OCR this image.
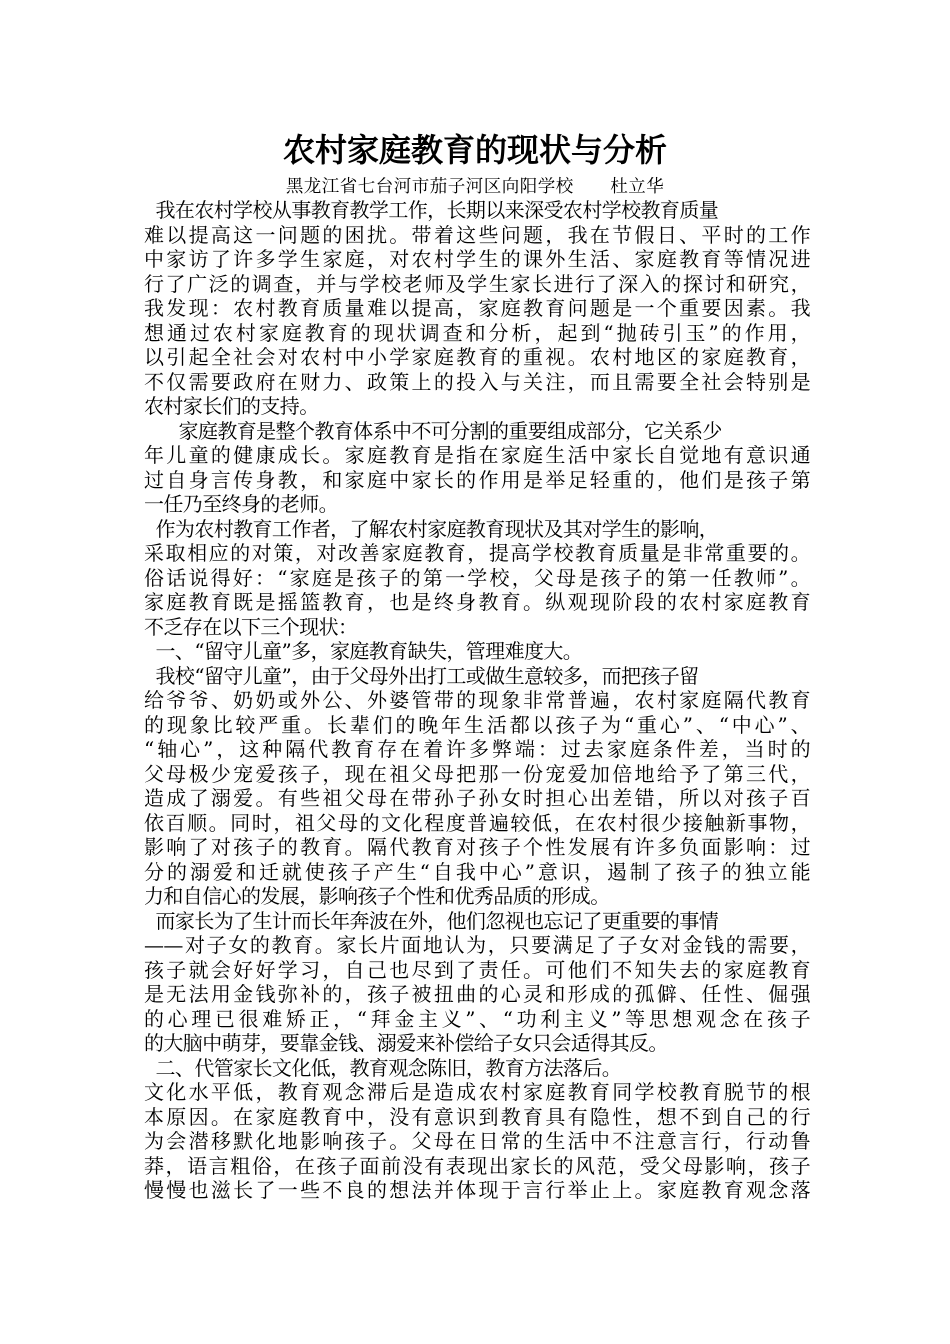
农村家庭教育的现状与分析
黑龙江省七台河市茄子河区向阳学校      杜立华
我在农村学校从事教育教学工作，长期以来深受农村学校教育质量
难以提高这一问题的困扰。带着这些问题，我在节假日、平时的工作
中家访了许多学生家庭，对农村学生的课外生活、家庭教育等情况进
行了广泛的调查，并与学校老师及学生家长进行了深入的探讨和研究，
我发现：农村教育质量难以提高，家庭教育问题是一个重要因素。我
想通过农村家庭教育的现状调查和分析，起到“抛砖引玉”的作用，
以引起全社会对农村中小学家庭教育的重视。农村地区的家庭教育，
不仅需要政府在财力、政策上的投入与关注，而且需要全社会特别是
农村家长们的支持。
家庭教育是整个教育体系中不可分割的重要组成部分，它关系少
年儿童的健康成长。家庭教育是指在家庭生活中家长自觉地有意识通
过自身言传身教，和家庭中家长的作用是举足轻重的，他们是孩子第
一任乃至终身的老师。
作为农村教育工作者，了解农村家庭教育现状及其对学生的影响，
采取相应的对策，对改善家庭教育，提高学校教育质量是非常重要的。
俗话说得好：“家庭是孩子的第一学校，父母是孩子的第一任教师”。
家庭教育既是摇篮教育，也是终身教育。纵观现阶段的农村家庭教育
不乏存在以下三个现状：
一、“留守儿童”多，家庭教育缺失，管理难度大。
我校“留守儿童”，由于父母外出打工或做生意较多，而把孩子留
给爷爷、奶奶或外公、外婆管带的现象非常普遍，农村家庭隔代教育
的现象比较严重。长辈们的晚年生活都以孩子为“重心”、“中心”、
“轴心”，这种隔代教育存在着许多弊端：过去家庭条件差，当时的
父母极少宠爱孩子，现在祖父母把那一份宠爱加倍地给予了第三代，
造成了溺爱。有些祖父母在带孙子孙女时担心出差错，所以对孩子百
依百顺。同时，祖父母的文化程度普遍较低，在农村很少接触新事物，
影响了对孩子的教育。隔代教育对孩子个性发展有许多负面影响：过
分的溺爱和迁就使孩子产生“自我中心”意识，遏制了孩子的独立能
力和自信心的发展，影响孩子个性和优秀品质的形成。
而家长为了生计而长年奔波在外，他们忽视也忘记了更重要的事情
——对子女的教育。家长片面地认为，只要满足了子女对金钱的需要，
孩子就会好好学习，自己也尽到了责任。可他们不知失去的家庭教育
是无法用金钱弥补的，孩子被扭曲的心灵和形成的孤僻、任性、倔强
的心理已很难矫正，“拜金主义”、“功利主义”等思想观念在孩子
的大脑中萌芽，要靠金钱、溺爱来补偿给子女只会适得其反。
二、代管家长文化低，教育观念陈旧，教育方法落后。
文化水平低，教育观念滞后是造成农村家庭教育同学校教育脱节的根
本原因。在家庭教育中，没有意识到教育具有隐性，想不到自己的行
为会潜移默化地影响孩子。父母在日常的生活中不注意言行，行动鲁
莽，语言粗俗，在孩子面前没有表现出家长的风范，受父母影响，孩子
慢慢也滋长了一些不良的想法并体现于言行举止上。家庭教育观念落
